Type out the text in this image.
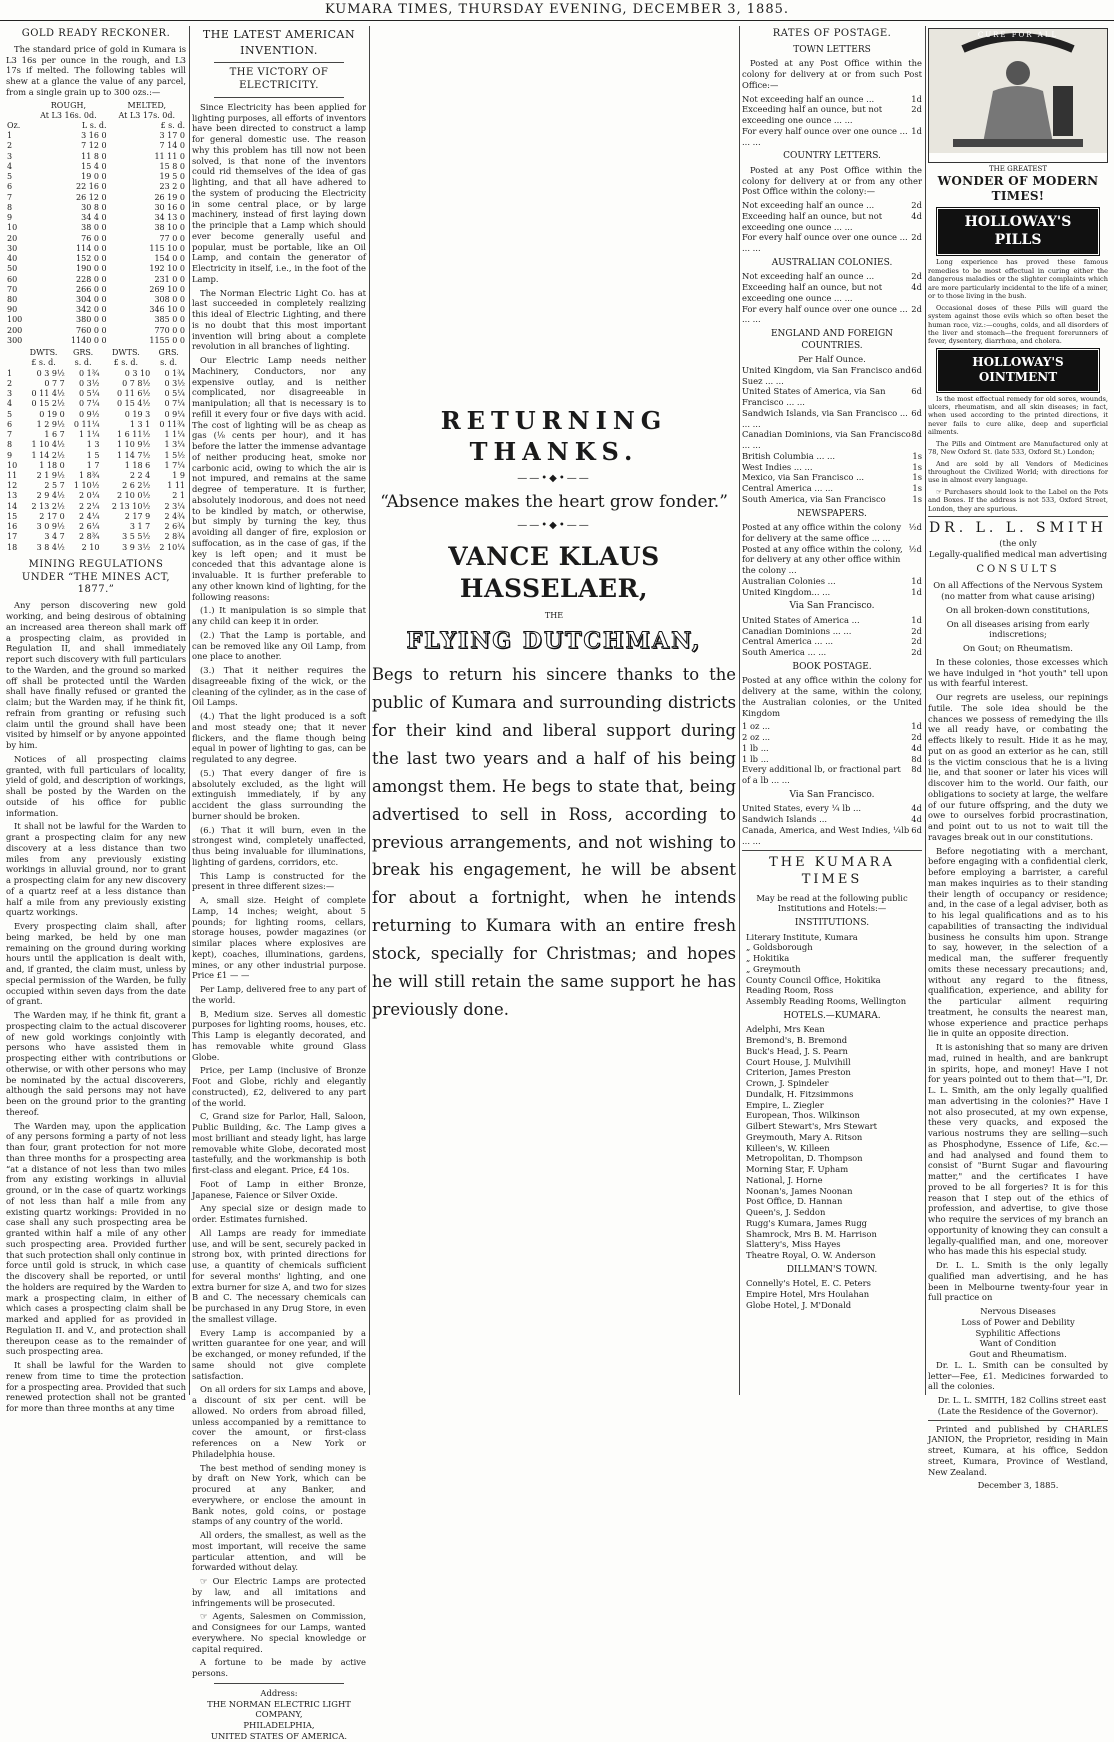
KUMARA TIMES, THURSDAY EVENING, DECEMBER 3, 1885.
GOLD READY RECKONER.

The standard price of gold in Kumara is L3 16s per ounce in the rough, and L3 17s if melted. The following tables will shew at a glance the value of any parcel, from a single grain up to 300 ozs.:—

	ROUGH,	MELTED,
	At L3 16s. 0d.	At L3 17s. 0d.
Oz.	L s. d.	£ s. d.
1	3 16 0	3 17 0
2	7 12 0	7 14 0
3	11 8 0	11 11 0
4	15 4 0	15 8 0
5	19 0 0	19 5 0
6	22 16 0	23 2 0
7	26 12 0	26 19 0
8	30 8 0	30 16 0
9	34 4 0	34 13 0
10	38 0 0	38 10 0
20	76 0 0	77 0 0
30	114 0 0	115 10 0
40	152 0 0	154 0 0
50	190 0 0	192 10 0
60	228 0 0	231 0 0
70	266 0 0	269 10 0
80	304 0 0	308 0 0
90	342 0 0	346 10 0
100	380 0 0	385 0 0
200	760 0 0	770 0 0
300	1140 0 0	1155 0 0
	DWTS.	GRS.	DWTS.	GRS.
	£ s. d.	s. d.	£ s. d.	s. d.
1	0 3 9½	0 1¾	0 3 10	0 1¾
2	0 7 7	0 3½	0 7 8½	0 3½
3	0 11 4½	0 5¼	0 11 6½	0 5¼
4	0 15 2½	0 7¼	0 15 4½	0 7¼
5	0 19 0	0 9½	0 19 3	0 9¼
6	1 2 9½	0 11¼	1 3 1	0 11¾
7	1 6 7	1 1¼	1 6 11½	1 1¼
8	1 10 4½	1 3	1 10 9½	1 3¼
9	1 14 2½	1 5	1 14 7½	1 5½
10	1 18 0	1 7	1 18 6	1 7¼
11	2 1 9½	1 8¾	2 2 4	1 9
12	2 5 7	1 10½	2 6 2½	1 11
13	2 9 4½	2 0¼	2 10 0½	2 1
14	2 13 2½	2 2¼	2 13 10½	2 3¼
15	2 17 0	2 4¼	2 17 9	2 4¾
16	3 0 9½	2 6¼	3 1 7	2 6¾
17	3 4 7	2 8¾	3 5 5½	2 8¾
18	3 8 4½	2 10	3 9 3½	2 10¼
MINING REGULATIONS UNDER “THE MINES ACT, 1877.”

Any person discovering new gold working, and being desirous of obtaining an increased area thereon shall mark off a prospecting claim, as provided in Regulation II, and shall immediately report such discovery with full particulars to the Warden, and the ground so marked off shall be protected until the Warden shall have finally refused or granted the claim; but the Warden may, if he think fit, refrain from granting or refusing such claim until the ground shall have been visited by himself or by anyone appointed by him.

Notices of all prospecting claims granted, with full particulars of locality, yield of gold, and description of workings, shall be posted by the Warden on the outside of his office for public information.

It shall not be lawful for the Warden to grant a prospecting claim for any new discovery at a less distance than two miles from any previously existing workings in alluvial ground, nor to grant a prospecting claim for any new discovery of a quartz reef at a less distance than half a mile from any previously existing quartz workings.

Every prospecting claim shall, after being marked, be held by one man remaining on the ground during working hours until the application is dealt with, and, if granted, the claim must, unless by special permission of the Warden, be fully occupied within seven days from the date of grant.

The Warden may, if he think fit, grant a prospecting claim to the actual discoverer of new gold workings conjointly with persons who have assisted them in prospecting either with contributions or otherwise, or with other persons who may be nominated by the actual discoverers, although the said persons may not have been on the ground prior to the granting thereof.

The Warden may, upon the application of any persons forming a party of not less than four, grant protection for not more than three months for a prospecting area “at a distance of not less than two miles from any existing workings in alluvial ground, or in the case of quartz workings of not less than half a mile from any existing quartz workings: Provided in no case shall any such prospecting area be granted within half a mile of any other such prospecting area. Provided further that such protection shall only continue in force until gold is struck, in which case the discovery shall be reported, or until the holders are required by the Warden to mark a prospecting claim, in either of which cases a prospecting claim shall be marked and applied for as provided in Regulation II. and V., and protection shall thereupon cease as to the remainder of such prospecting area.

It shall be lawful for the Warden to renew from time to time the protection for a prospecting area. Provided that such renewed protection shall not be granted for more than three months at any time

THE LATEST AMERICAN
INVENTION.
THE VICTORY OF ELECTRICITY.

Since Electricity has been applied for lighting purposes, all efforts of inventors have been directed to construct a lamp for general domestic use. The reason why this problem has till now not been solved, is that none of the inventors could rid themselves of the idea of gas lighting, and that all have adhered to the system of producing the Electricity in some central place, or by large machinery, instead of first laying down the principle that a Lamp which should ever become generally useful and popular, must be portable, like an Oil Lamp, and contain the generator of Electricity in itself, i.e., in the foot of the Lamp.

The Norman Electric Light Co. has at last succeeded in completely realizing this ideal of Electric Lighting, and there is no doubt that this most important invention will bring about a complete revolution in all branches of lighting.

Our Electric Lamp needs neither Machinery, Conductors, nor any expensive outlay, and is neither complicated, nor disagreeable in manipulation; all that is necessary is to refill it every four or five days with acid. The cost of lighting will be as cheap as gas (⅛ cents per hour), and it has before the latter the immense advantage of neither producing heat, smoke nor carbonic acid, owing to which the air is not impured, and remains at the same degree of temperature. It is further, absolutely inodorous, and does not need to be kindled by match, or otherwise, but simply by turning the key, thus avoiding all danger of fire, explosion or suffocation, as in the case of gas, if the key is left open; and it must be conceded that this advantage alone is invaluable. It is further preferable to any other known kind of lighting, for the following reasons:

(1.) It manipulation is so simple that any child can keep it in order.

(2.) That the Lamp is portable, and can be removed like any Oil Lamp, from one place to another.

(3.) That it neither requires the disagreeable fixing of the wick, or the cleaning of the cylinder, as in the case of Oil Lamps.

(4.) That the light produced is a soft and most steady one; that it never flickers, and the flame though being equal in power of lighting to gas, can be regulated to any degree.

(5.) That every danger of fire is absolutely excluded, as the light will extinguish immediately, if by any accident the glass surrounding the burner should be broken.

(6.) That it will burn, even in the strongest wind, completely unaffected, thus being invaluable for illuminations, lighting of gardens, corridors, etc.

This Lamp is constructed for the present in three different sizes:—

A, small size. Height of complete Lamp, 14 inches; weight, about 5 pounds; for lighting rooms, cellars, storage houses, powder magazines (or similar places where explosives are kept), coaches, illuminations, gardens, mines, or any other industrial purpose. Price £1 — —

Per Lamp, delivered free to any part of the world.

B, Medium size. Serves all domestic purposes for lighting rooms, houses, etc. This Lamp is elegantly decorated, and has removable white ground Glass Globe.

Price, per Lamp (inclusive of Bronze Foot and Globe, richly and elegantly constructed), £2, delivered to any part of the world.

C, Grand size for Parlor, Hall, Saloon, Public Building, &c. The Lamp gives a most brilliant and steady light, has large removable white Globe, decorated most tastefully, and the workmanship is both first-class and elegant. Price, £4 10s.

Foot of Lamp in either Bronze, Japanese, Faience or Silver Oxide.

Any special size or design made to order. Estimates furnished.

All Lamps are ready for immediate use, and will be sent, securely packed in strong box, with printed directions for use, a quantity of chemicals sufficient for several months' lighting, and one extra burner for size A, and two for sizes B and C. The necessary chemicals can be purchased in any Drug Store, in even the smallest village.

Every Lamp is accompanied by a written guarantee for one year, and will be exchanged, or money refunded, if the same should not give complete satisfaction.

On all orders for six Lamps and above, a discount of six per cent. will be allowed. No orders from abroad filled, unless accompanied by a remittance to cover the amount, or first-class references on a New York or Philadelphia house.

The best method of sending money is by draft on New York, which can be procured at any Banker, and everywhere, or enclose the amount in Bank notes, gold coins, or postage stamps of any country of the world.

All orders, the smallest, as well as the most important, will receive the same particular attention, and will be forwarded without delay.

☞ Our Electric Lamps are protected by law, and all imitations and infringements will be prosecuted.

☞ Agents, Salesmen on Commission, and Consignees for our Lamps, wanted everywhere. No special knowledge or capital required.

A fortune to be made by active persons.

Address:
THE NORMAN ELECTRIC LIGHT
COMPANY,
PHILADELPHIA,
UNITED STATES OF AMERICA.
RETURNING THANKS.
——•◆•——
“Absence makes the heart grow fonder.”
——•◆•——
VANCE KLAUS HASSELAER,
THE
FLYING DUTCHMAN,
Begs to return his sincere thanks to the public of Kumara and surrounding districts for their kind and liberal support during the last two years and a half of his being amongst them. He begs to state that, being advertised to sell in Ross, according to previous arrangements, and not wishing to break his engagement, he will be absent for about a fortnight, when he intends returning to Kumara with an entire fresh stock, specially for Christmas; and hopes he will still retain the same support he has previously done.
RATES OF POSTAGE.
TOWN LETTERS

Posted at any Post Office within the colony for delivery at or from such Post Office:—

Not exceeding half an ounce ...	1d
Exceeding half an ounce, but not exceeding one ounce ... ...
2d
For every half ounce over one ounce ... ... ...
1d
COUNTRY LETTERS.

Posted at any Post Office within the colony for delivery at or from any other Post Office within the colony:—

Not exceeding half an ounce ...	2d
Exceeding half an ounce, but not exceeding one ounce ... ...
4d
For every half ounce over one ounce ... ... ...
2d
AUSTRALIAN COLONIES.
Not exceeding half an ounce ...	2d
Exceeding half an ounce, but not exceeding one ounce ... ...
4d
For every half ounce over one ounce ... ... ...
2d
ENGLAND AND FOREIGN COUNTRIES.
Per Half Ounce.
United Kingdom, via San Francisco and Suez ... ...
6d
United States of America, via San Francisco ... ...
6d
Sandwich Islands, via San Francisco ... ... ...
6d
Canadian Dominions, via San Francisco ... ...
8d
British Columbia ... ...	1s
West Indies ... ...	1s
Mexico, via San Francisco ...	1s
Central America ... ...	1s
South America, via San Francisco	1s
NEWSPAPERS.
Posted at any office within the colony for delivery at the same office ... ...
½d
Posted at any office within the colony, for delivery at any other office within the colony ...
½d
Australian Colonies ...	1d
United Kingdom... ...	1d
Via San Francisco.
United States of America ...	1d
Canadian Dominions ... ...	2d
Central America ... ...	2d
South America ... ...	2d
BOOK POSTAGE.

Posted at any office within the colony for delivery at the same, within the colony, the Australian colonies, or the United Kingdom

1 oz ...	1d
2 oz ...	2d
1 lb ...	4d
1 lb ...	8d
Every additional lb, or fractional part of a lb ... ...
8d
Via San Francisco.
United States, every ¼ lb ...	4d
Sandwich Islands ...	4d
Canada, America, and West Indies, ¼lb ... ...
6d
THE KUMARA TIMES
May be read at the following public Institutions and Hotels:—
INSTITUTIONS.
Literary Institute, Kumara
„ Goldsborough
„ Hokitika
„ Greymouth
County Council Office, Hokitika
Reading Room, Ross
Assembly Reading Rooms, Wellington
HOTELS.—KUMARA.
Adelphi, Mrs Kean
Bremond's, B. Bremond
Buck's Head, J. S. Pearn
Court House, J. Mulvihill
Criterion, James Preston
Crown, J. Spindeler
Dundalk, H. Fitzsimmons
Empire, L. Ziegler
European, Thos. Wilkinson
Gilbert Stewart's, Mrs Stewart
Greymouth, Mary A. Ritson
Killeen's, W. Killeen
Metropolitan, D. Thompson
Morning Star, F. Upham
National, J. Horne
Noonan's, James Noonan
Post Office, D. Hannan
Queen's, J. Seddon
Rugg's Kumara, James Rugg
Shamrock, Mrs B. M. Harrison
Slattery's, Miss Hayes
Theatre Royal, O. W. Anderson
DILLMAN'S TOWN.
Connelly's Hotel, E. C. Peters
Empire Hotel, Mrs Houlahan
Globe Hotel, J. M'Donald
CURE FOR ALL
THE GREATEST
WONDER OF MODERN TIMES!
HOLLOWAY'S PILLS

Long experience has proved these famous remedies to be most effectual in curing either the dangerous maladies or the slighter complaints which are more particularly incidental to the life of a miner, or to those living in the bush.

Occasional doses of these Pills will guard the system against those evils which so often beset the human race, viz.:—coughs, colds, and all disorders of the liver and stomach—the frequent forerunners of fever, dysentery, diarrhœa, and cholera.

HOLLOWAY'S OINTMENT

Is the most effectual remedy for old sores, wounds, ulcers, rheumatism, and all skin diseases; in fact, when used according to the printed directions, it never fails to cure alike, deep and superficial ailments.

The Pills and Ointment are Manufactured only at 78, New Oxford St. (late 533, Oxford St.) London;

And are sold by all Vendors of Medicines throughout the Civilized World; with directions for use in almost every language.

☞ Purchasers should look to the Label on the Pots and Boxes. If the address is not 533, Oxford Street, London, they are spurious.

DR. L. L. SMITH
(the only
Legally-qualified medical man advertising
CONSULTS
On all Affections of the Nervous System (no matter from what cause arising)
On all broken-down constitutions,
On all diseases arising from early indiscretions;
On Gout; on Rheumatism.

In these colonies, those excesses which we have indulged in "hot youth" tell upon us with fearful interest.

Our regrets are useless, our repinings futile. The sole idea should be the chances we possess of remedying the ills we all ready have, or combating the effects likely to result. Hide it as he may, put on as good an exterior as he can, still is the victim conscious that he is a living lie, and that sooner or later his vices will discover him to the world. Our faith, our obligations to society at large, the welfare of our future offspring, and the duty we owe to ourselves forbid procrastination, and point out to us not to wait till the ravages break out in our constitutions.

Before negotiating with a merchant, before engaging with a confidential clerk, before employing a barrister, a careful man makes inquiries as to their standing their length of occupancy or residence; and, in the case of a legal adviser, both as to his legal qualifications and as to his capabilities of transacting the individual business he consults him upon. Strange to say, however, in the selection of a medical man, the sufferer frequently omits these necessary precautions; and, without any regard to the fitness, qualification, experience, and ability for the particular ailment requiring treatment, he consults the nearest man, whose experience and practice perhaps lie in quite an opposite direction.

It is astonishing that so many are driven mad, ruined in health, and are bankrupt in spirits, hope, and money! Have I not for years pointed out to them that—"I, Dr. L. L. Smith, am the only legally qualified man advertising in the colonies?" Have I not also prosecuted, at my own expense, these very quacks, and exposed the various nostrums they are selling—such as Phosphodyne, Essence of Life, &c.—and had analysed and found them to consist of "Burnt Sugar and flavouring matter," and the certificates I have proved to be all forgeries? It is for this reason that I step out of the ethics of profession, and advertise, to give those who require the services of my branch an opportunity of knowing they can consult a legally-qualified man, and one, moreover who has made this his especial study.

Dr. L. L. Smith is the only legally qualified man advertising, and he has been in Melbourne twenty-four year in full practice on

Nervous Diseases
Loss of Power and Debility
Syphilitic Affections
Want of Condition
Gout and Rheumatism.

Dr. L. L. Smith can be consulted by letter—Fee, £1. Medicines forwarded to all the colonies.

Dr. L. L. SMITH, 182 Collins street east (Late the Residence of the Governor).

Printed and published by CHARLES JANION, the Proprietor, residing in Main street, Kumara, at his office, Seddon street, Kumara, Province of Westland, New Zealand.

December 3, 1885.
